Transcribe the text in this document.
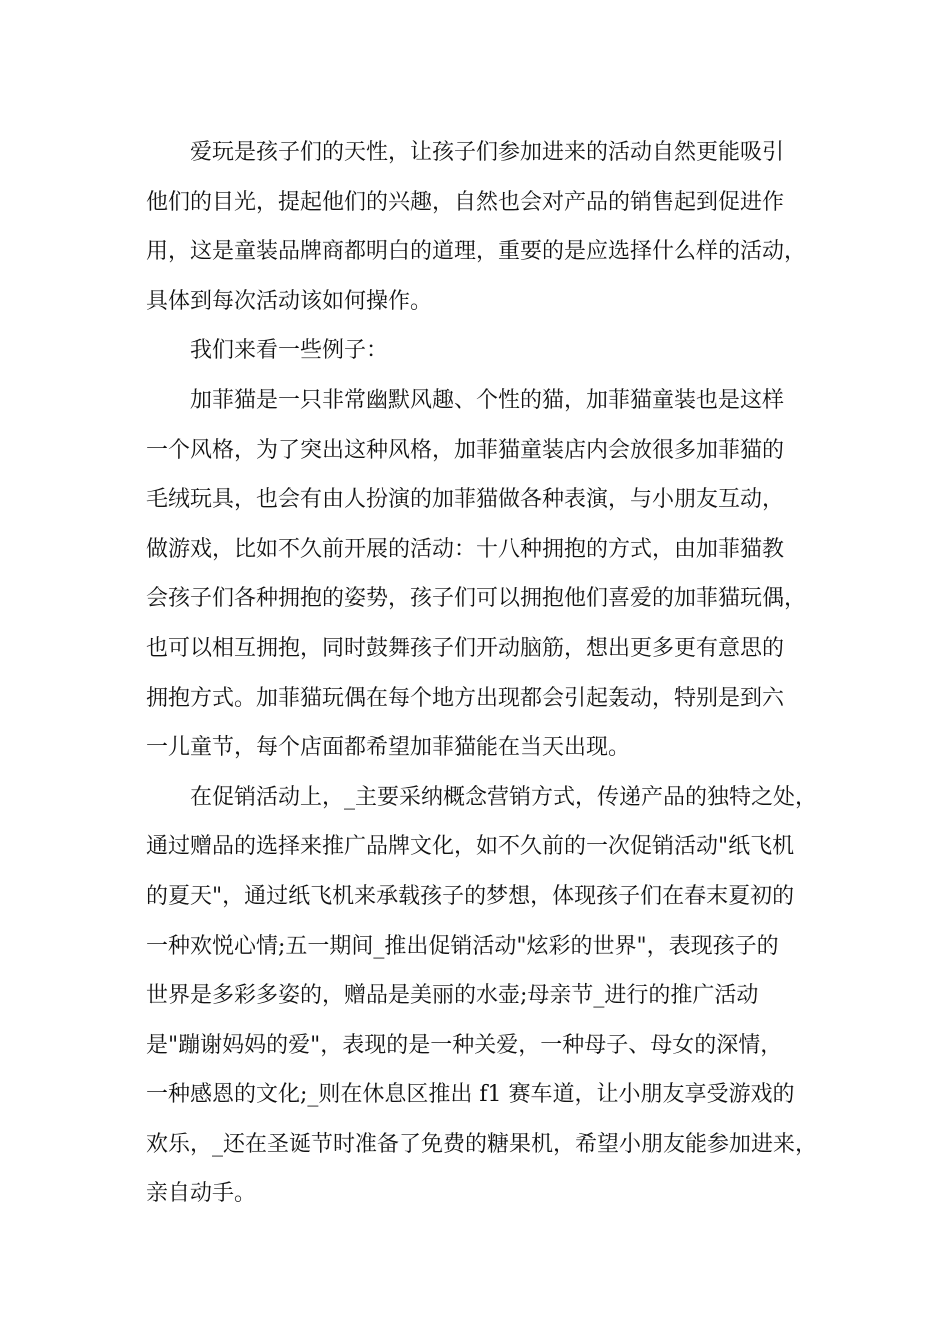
爱玩是孩子们的天性，让孩子们参加进来的活动自然更能吸引
他们的目光，提起他们的兴趣，自然也会对产品的销售起到促进作
用，这是童装品牌商都明白的道理，重要的是应选择什么样的活动，
具体到每次活动该如何操作。
我们来看一些例子：
加菲猫是一只非常幽默风趣、个性的猫，加菲猫童装也是这样
一个风格，为了突出这种风格，加菲猫童装店内会放很多加菲猫的
毛绒玩具，也会有由人扮演的加菲猫做各种表演，与小朋友互动，
做游戏，比如不久前开展的活动：十八种拥抱的方式，由加菲猫教
会孩子们各种拥抱的姿势，孩子们可以拥抱他们喜爱的加菲猫玩偶，
也可以相互拥抱，同时鼓舞孩子们开动脑筋，想出更多更有意思的
拥抱方式。加菲猫玩偶在每个地方出现都会引起轰动，特别是到六
一儿童节，每个店面都希望加菲猫能在当天出现。
在促销活动上，_主要采纳概念营销方式，传递产品的独特之处，
通过赠品的选择来推广品牌文化，如不久前的一次促销活动"纸飞机
的夏天"，通过纸飞机来承载孩子的梦想，体现孩子们在春末夏初的
一种欢悦心情;五一期间_推出促销活动"炫彩的世界"，表现孩子的
世界是多彩多姿的，赠品是美丽的水壶;母亲节_进行的推广活动
是"蹦谢妈妈的爱"，表现的是一种关爱，一种母子、母女的深情，
一种感恩的文化;_则在休息区推出 f1 赛车道，让小朋友享受游戏的
欢乐，_还在圣诞节时准备了免费的糖果机，希望小朋友能参加进来，
亲自动手。
